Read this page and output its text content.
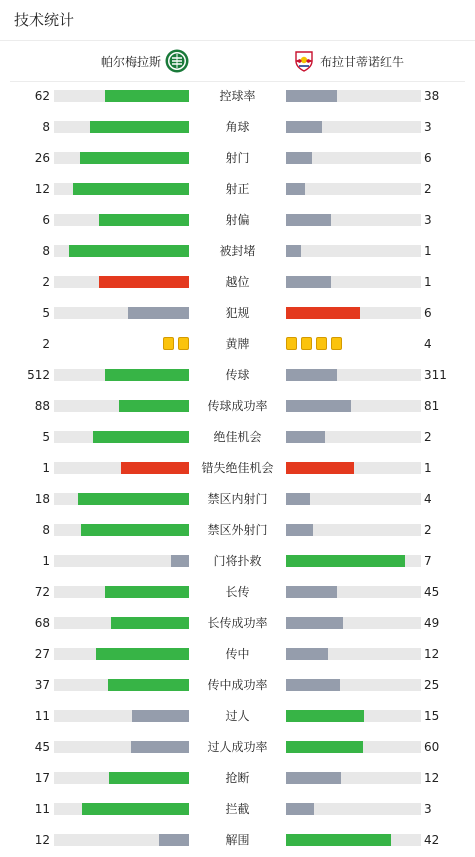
技术统计
帕尔梅拉斯	布拉甘蒂诺红牛
62	控球率	38
8	角球	3
26	射门	6
12	射正	2
6	射偏	3
8	被封堵	1
2	越位	1
5	犯规	6
2	黄牌	4
512	传球	311
88	传球成功率	81
5	绝佳机会	2
1	错失绝佳机会	1
18	禁区内射门	4
8	禁区外射门	2
1	门将扑救	7
72	长传	45
68	长传成功率	49
27	传中	12
37	传中成功率	25
11	过人	15
45	过人成功率	60
17	抢断	12
11	拦截	3
12	解围	42
